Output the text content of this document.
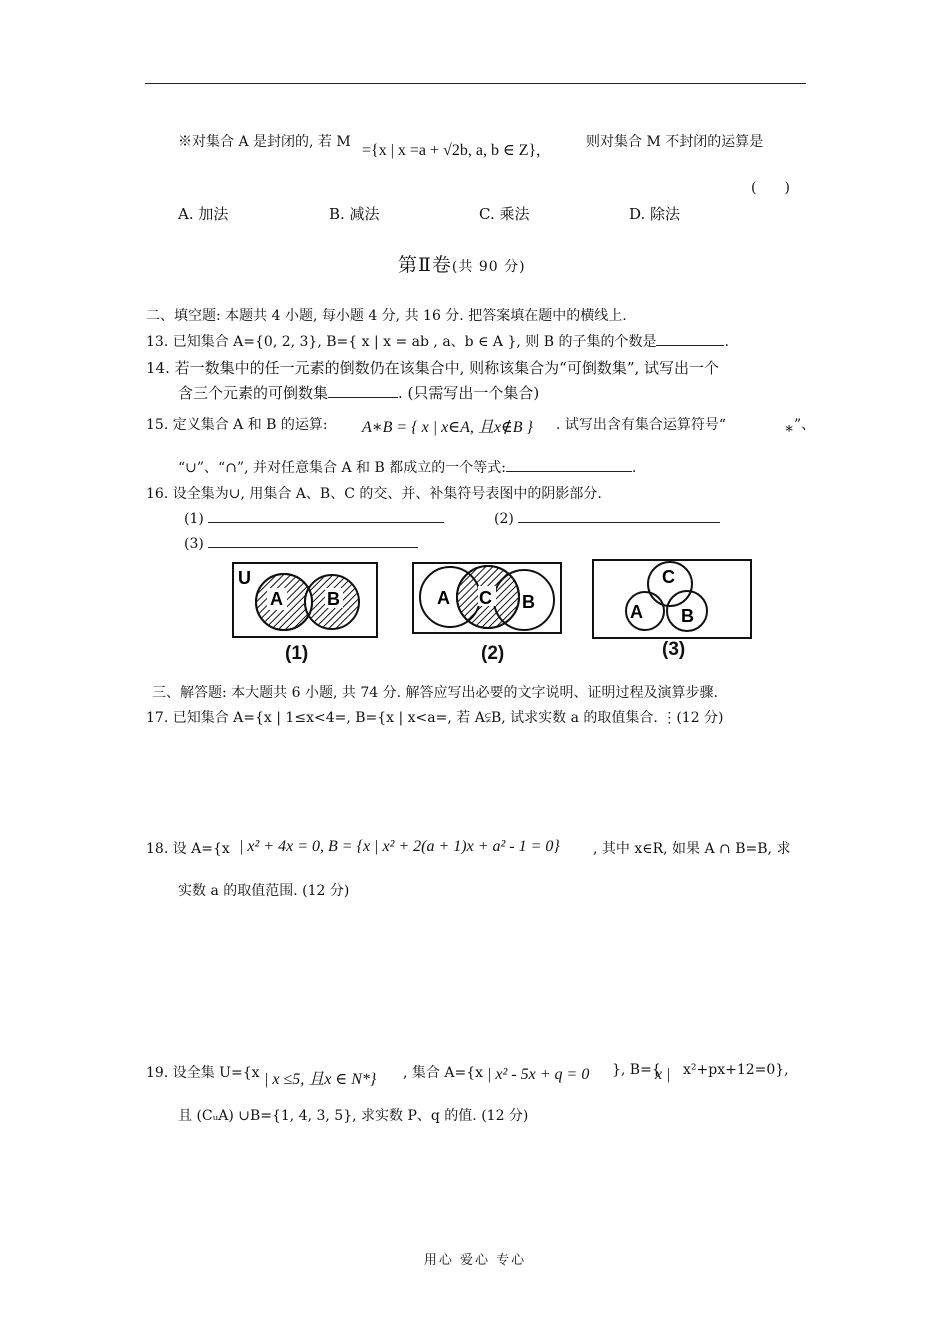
※对集合 A 是封闭的, 若 M ={x | x =a + √2b, a, b ∈ Z},	则对集合 M 不封闭的运算是
(　　)
A. 加法	B. 减法	C. 乘法	D. 除法
第Ⅱ卷(共 90 分)
二、填空题: 本题共 4 小题, 每小题 4 分, 共 16 分. 把答案填在题中的横线上.
13. 已知集合 A={0, 2, 3}, B={ x | x = ab , a、b ∈ A }, 则 B 的子集的个数是	.
14. 若一数集中的任一元素的倒数仍在该集合中, 则称该集合为“可倒数集”, 试写出一个
含三个元素的可倒数集	. (只需写出一个集合)
15. 定义集合 A 和 B 的运算: A∗B = { x | x∈A, 且x∉B } . 试写出含有集合运算符号“	∗ ”、
“∪”、“∩”, 并对任意集合 A 和 B 都成立的一个等式:	.
16. 设全集为∪, 用集合 A、B、C 的交、并、补集符号表图中的阴影部分.
(1)	(2)
(3)
U
A B	A C B
C
A B
(1)	(2)	(3)
三、解答题: 本大题共 6 小题, 共 74 分. 解答应写出必要的文字说明、证明过程及演算步骤.
17. 已知集合 A={x | 1≤x<4=, B={x | x<a=, 若 A⫋B, 试求实数 a 的取值集合. ⋮(12 分)
18. 设 A={x | x² + 4x = 0, B = {x | x² + 2(a + 1)x + a² - 1 = 0} , 其中 x∈R, 如果 A ∩ B=B, 求
实数 a 的取值范围. (12 分)
19. 设全集 U={x | x ≤5, 且x ∈ N*} , 集合 A={x | x² - 5x + q = 0 }, B={
x | x²+px+12=0},
且 (CᵤA) ∪B={1, 4, 3, 5}, 求实数 P、q 的值. (12 分)
用心 爱心 专心
